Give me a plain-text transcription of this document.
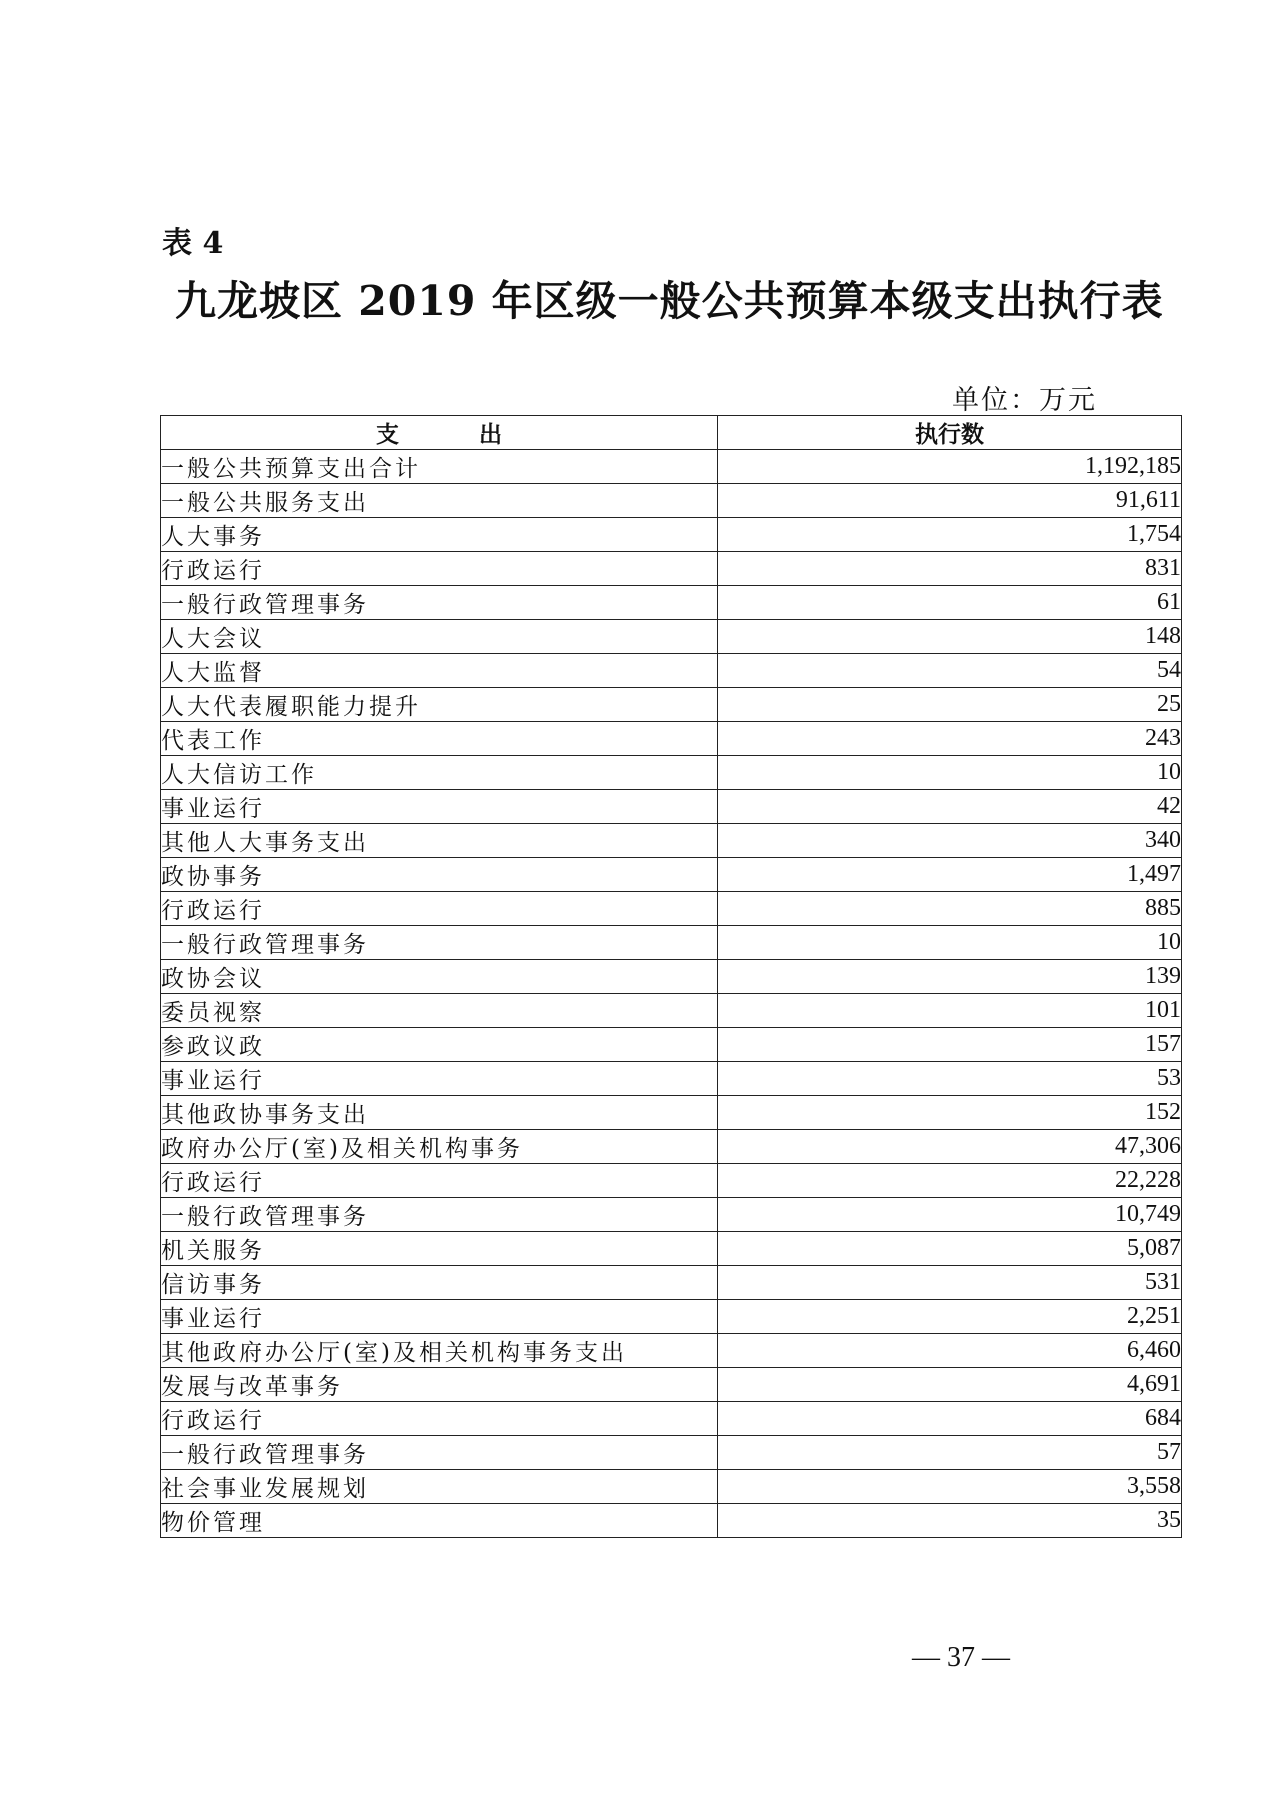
表 4
九龙坡区 2019 年区级一般公共预算本级支出执行表
单位：万元
支出	执行数
一般公共预算支出合计	1,192,185
一般公共服务支出	91,611
人大事务	1,754
行政运行	831
一般行政管理事务	61
人大会议	148
人大监督	54
人大代表履职能力提升	25
代表工作	243
人大信访工作	10
事业运行	42
其他人大事务支出	340
政协事务	1,497
行政运行	885
一般行政管理事务	10
政协会议	139
委员视察	101
参政议政	157
事业运行	53
其他政协事务支出	152
政府办公厅(室)及相关机构事务	47,306
行政运行	22,228
一般行政管理事务	10,749
机关服务	5,087
信访事务	531
事业运行	2,251
其他政府办公厅(室)及相关机构事务支出	6,460
发展与改革事务	4,691
行政运行	684
一般行政管理事务	57
社会事业发展规划	3,558
物价管理	35
— 37 —
